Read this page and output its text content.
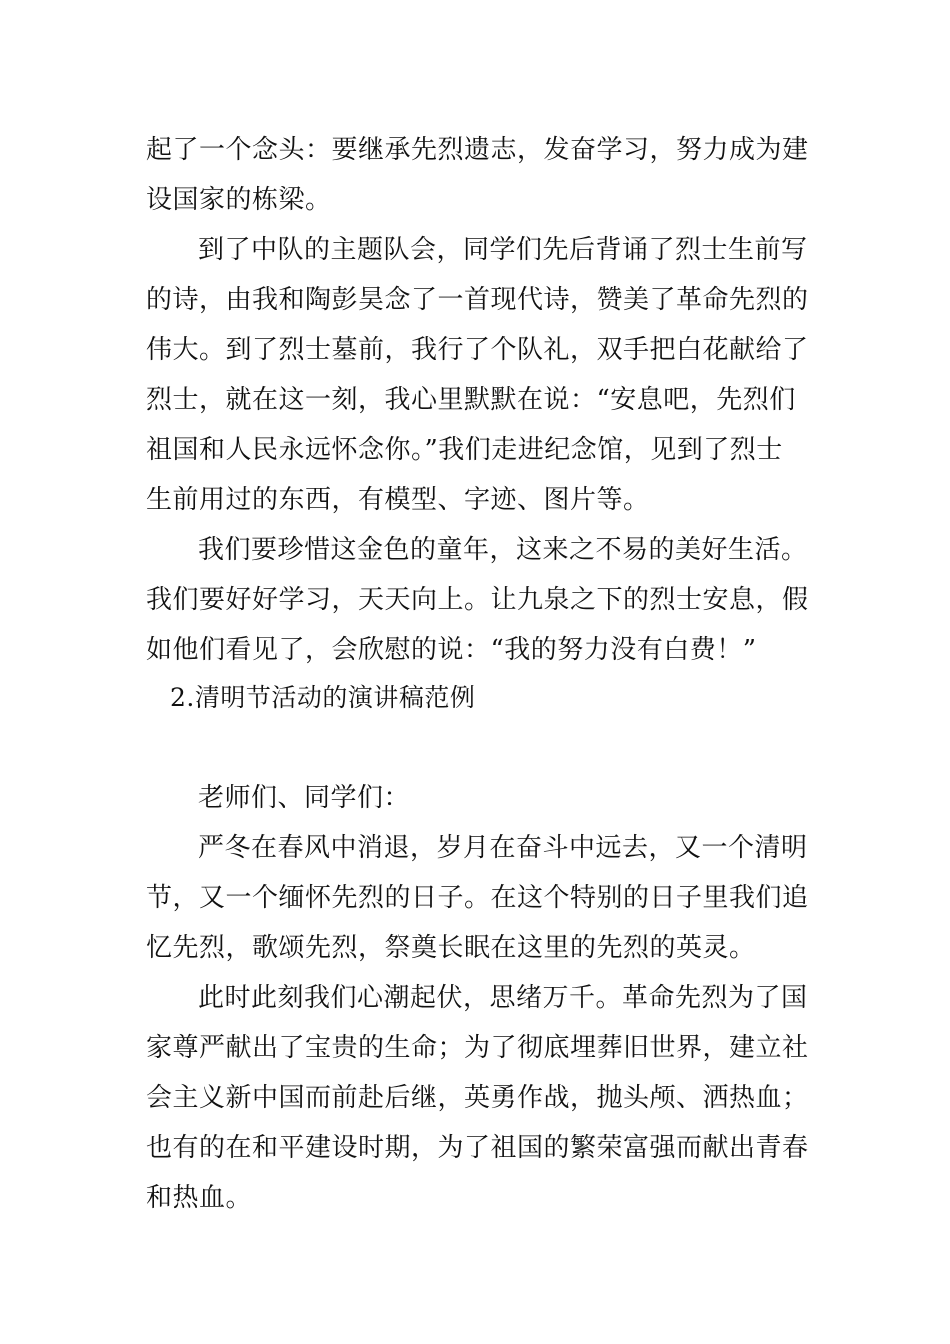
起了一个念头：要继承先烈遗志，发奋学习，努力成为建
设国家的栋梁。
到了中队的主题队会，同学们先后背诵了烈士生前写
的诗，由我和陶彭昊念了一首现代诗，赞美了革命先烈的
伟大。到了烈士墓前，我行了个队礼，双手把白花献给了
烈士，就在这一刻，我心里默默在说：“安息吧，先烈们
祖国和人民永远怀念你。”我们走进纪念馆，见到了烈士
生前用过的东西，有模型、字迹、图片等。
我们要珍惜这金色的童年，这来之不易的美好生活。
我们要好好学习，天天向上。让九泉之下的烈士安息，假
如他们看见了，会欣慰的说：“我的努力没有白费！”
2.清明节活动的演讲稿范例
老师们、同学们：
严冬在春风中消退，岁月在奋斗中远去，又一个清明
节，又一个缅怀先烈的日子。在这个特别的日子里我们追
忆先烈，歌颂先烈，祭奠长眠在这里的先烈的英灵。
此时此刻我们心潮起伏，思绪万千。革命先烈为了国
家尊严献出了宝贵的生命；为了彻底埋葬旧世界，建立社
会主义新中国而前赴后继，英勇作战，抛头颅、洒热血；
也有的在和平建设时期，为了祖国的繁荣富强而献出青春
和热血。
